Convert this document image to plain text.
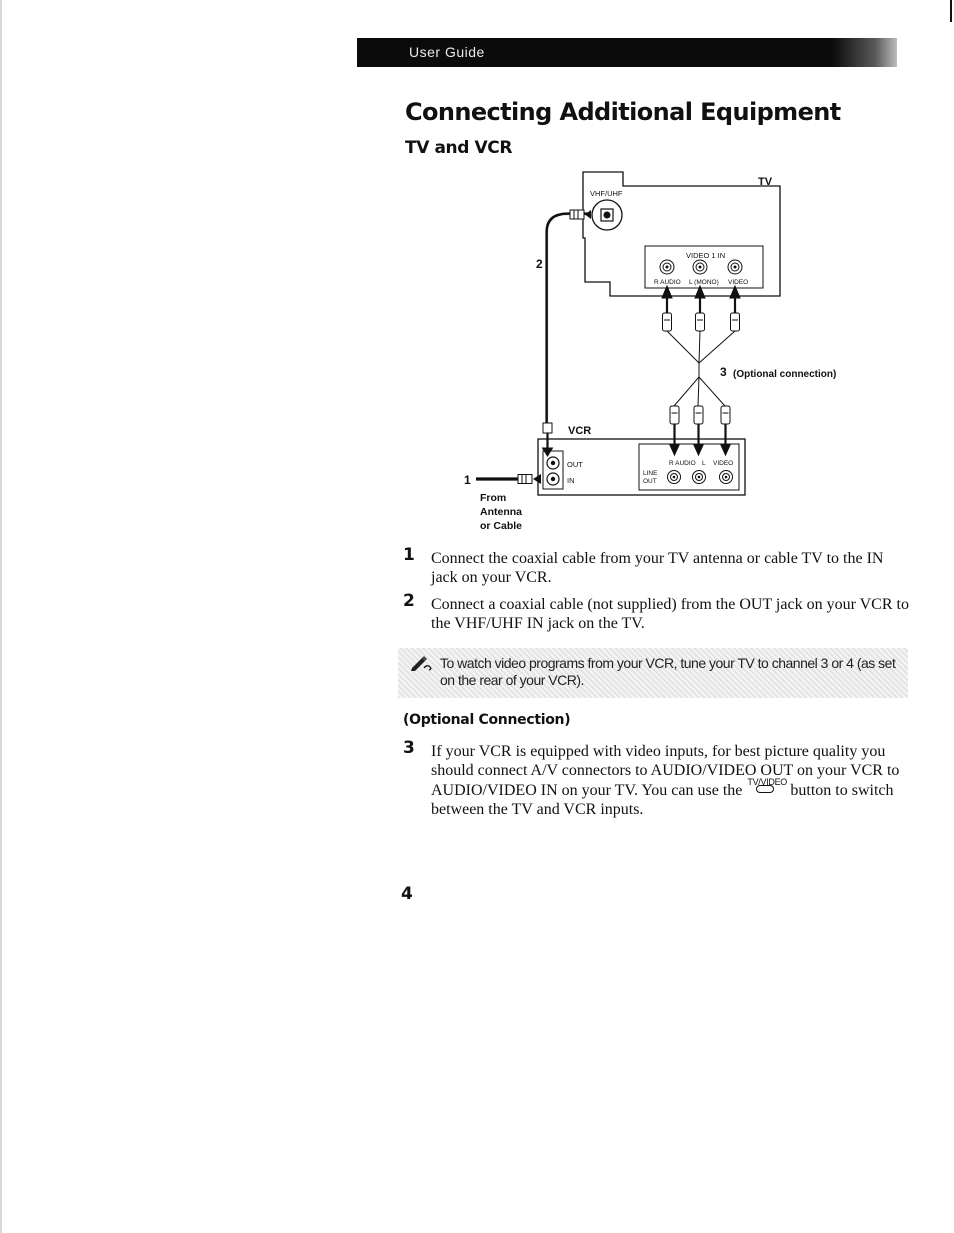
User Guide
Connecting Additional Equipment
TV and VCR
TV
VHF/UHF
VIDEO 1 IN
R AUDIO L (MONO) VIDEO
2
3 (Optional connection)
VCR
OUT
IN
R AUDIO L VIDEO
LINE
OUT
1
From
Antenna
or Cable
1 Connect the coaxial cable from your TV antenna or cable TV to the IN jack on your VCR.

2 Connect a coaxial cable (not supplied) from the OUT jack on your VCR to the VHF/UHF IN jack on the TV.

To watch video programs from your VCR, tune your TV to channel 3 or 4 (as set on the rear of your VCR).

(Optional Connection)
3 If your VCR is equipped with video inputs, for best picture quality you should connect A/V connectors to AUDIO/VIDEO OUT on your VCR to AUDIO/VIDEO IN on your TV. You can use the TV/VIDEO button to switch between the TV and VCR inputs.

4
